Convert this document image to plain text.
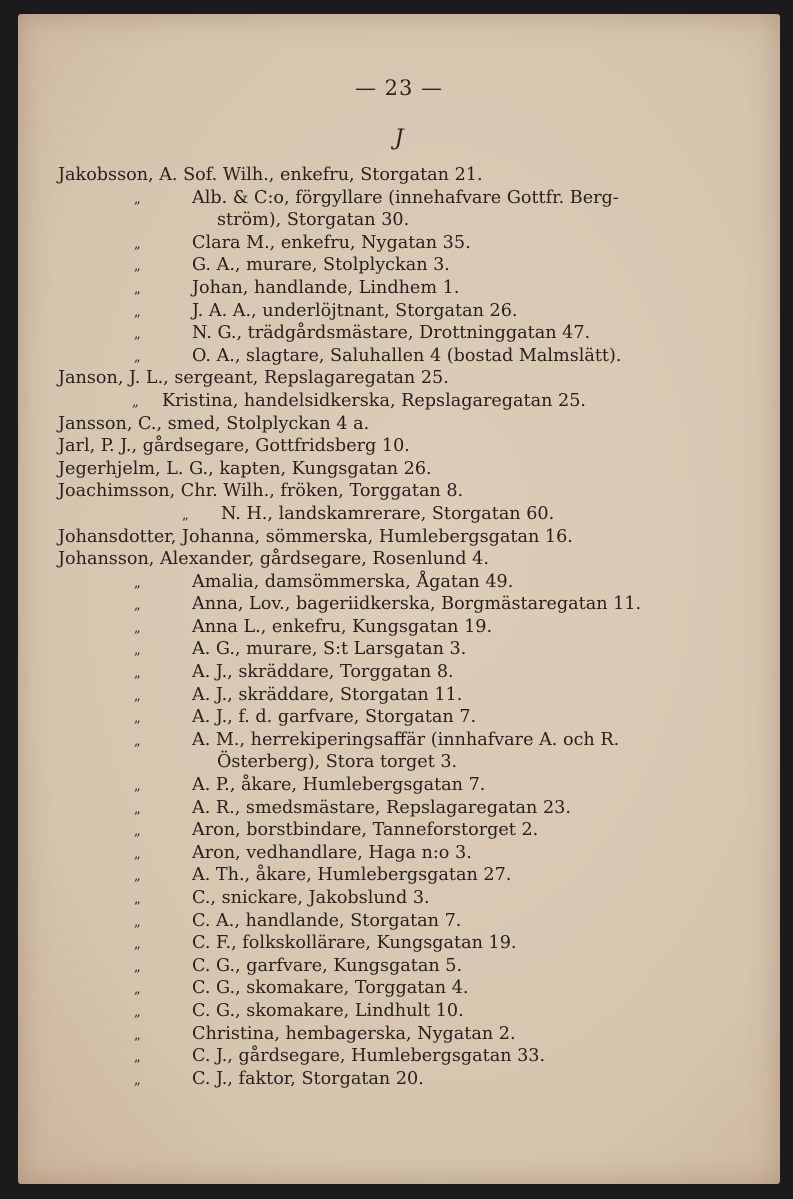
— 23 —
J
Jakobsson, A. Sof. Wilh., enkefru, Storgatan 21.
„	Alb. & C:o, förgyllare (innehafvare Gottfr. Berg-
ström), Storgatan 30.
„	Clara M., enkefru, Nygatan 35.
„	G. A., murare, Stolplyckan 3.
„	Johan, handlande, Lindhem 1.
„	J. A. A., underlöjtnant, Storgatan 26.
„	N. G., trädgårdsmästare, Drottninggatan 47.
„	O. A., slagtare, Saluhallen 4 (bostad Malmslätt).
Janson, J. L., sergeant, Repslagaregatan 25.
„ Kristina, handelsidkerska, Repslagaregatan 25.
Jansson, C., smed, Stolplyckan 4 a.
Jarl, P. J., gårdsegare, Gottfridsberg 10.
Jegerhjelm, L. G., kapten, Kungsgatan 26.
Joachimsson, Chr. Wilh., fröken, Torggatan 8.
„ N. H., landskamrerare, Storgatan 60.
Johansdotter, Johanna, sömmerska, Humlebergsgatan 16.
Johansson, Alexander, gårdsegare, Rosenlund 4.
„	Amalia, damsömmerska, Ågatan 49.
„	Anna, Lov., bageriidkerska, Borgmästaregatan 11.
„	Anna L., enkefru, Kungsgatan 19.
„	A. G., murare, S:t Larsgatan 3.
„	A. J., skräddare, Torggatan 8.
„	A. J., skräddare, Storgatan 11.
„	A. J., f. d. garfvare, Storgatan 7.
„	A. M., herrekiperingsaffär (innhafvare A. och R.
Österberg), Stora torget 3.
„	A. P., åkare, Humlebergsgatan 7.
„	A. R., smedsmästare, Repslagaregatan 23.
„	Aron, borstbindare, Tanneforstorget 2.
„	Aron, vedhandlare, Haga n:o 3.
„	A. Th., åkare, Humlebergsgatan 27.
„	C., snickare, Jakobslund 3.
„	C. A., handlande, Storgatan 7.
„	C. F., folkskollärare, Kungsgatan 19.
„	C. G., garfvare, Kungsgatan 5.
„	C. G., skomakare, Torggatan 4.
„	C. G., skomakare, Lindhult 10.
„	Christina, hembagerska, Nygatan 2.
„	C. J., gårdsegare, Humlebergsgatan 33.
„	C. J., faktor, Storgatan 20.
